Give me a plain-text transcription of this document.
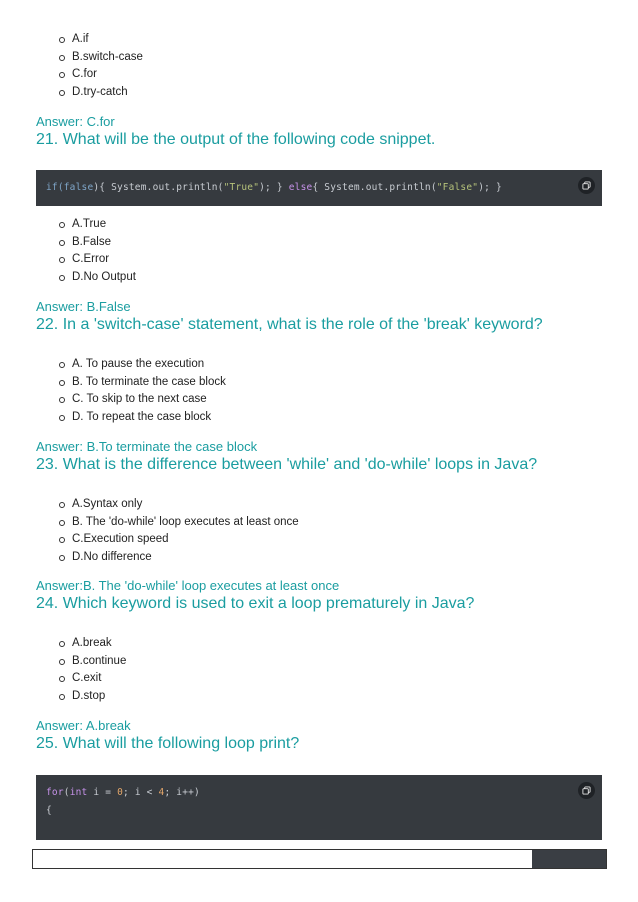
A.if
B.switch-case
C.for
D.try-catch
Answer: C.for
21. What will be the output of the following code snippet.
if(false){ System.out.println("True"); } else{ System.out.println("False"); }
A.True
B.False
C.Error
D.No Output
Answer: B.False
22. In a 'switch-case' statement, what is the role of the 'break' keyword?
A. To pause the execution
B. To terminate the case block
C. To skip to the next case
D. To repeat the case block
Answer: B.To terminate the case block
23. What is the difference between 'while' and 'do-while' loops in Java?
A.Syntax only
B. The 'do-while' loop executes at least once
C.Execution speed
D.No difference
Answer:B. The 'do-while' loop executes at least once
24. Which keyword is used to exit a loop prematurely in Java?
A.break
B.continue
C.exit
D.stop
Answer: A.break
25. What will the following loop print?
for(int i = 0; i < 4; i++)
{
